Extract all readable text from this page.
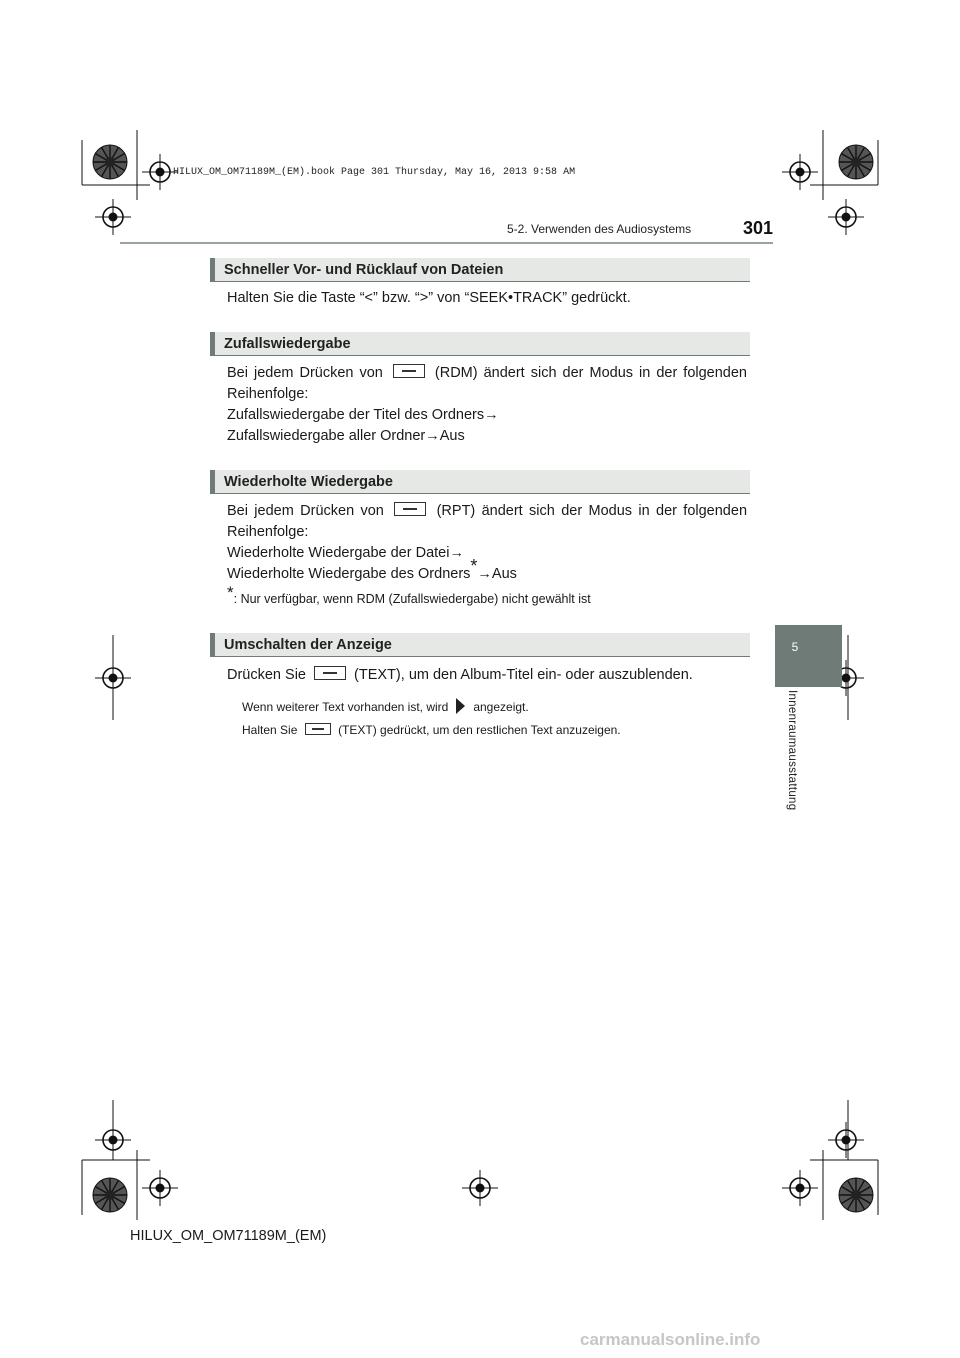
HILUX_OM_OM71189M_(EM).book Page 301 Thursday, May 16, 2013 9:58 AM
5-2. Verwenden des Audiosystems	301
5
Innenraumausstattung
Schneller Vor- und Rücklauf von Dateien
Halten Sie die Taste “<” bzw. “>” von “SEEK•TRACK” gedrückt.
Zufallswiedergabe
Bei jedem Drücken von	(RDM) ändert sich der Modus in der folgenden
Reihenfolge:
Zufallswiedergabe der Titel des Ordners→
Zufallswiedergabe aller Ordner→Aus
Wiederholte Wiedergabe
Bei jedem Drücken von	(RPT) ändert sich der Modus in der folgenden
Reihenfolge:
Wiederholte Wiedergabe der Datei→
Wiederholte Wiedergabe des Ordners*→Aus
*: Nur verfügbar, wenn RDM (Zufallswiedergabe) nicht gewählt ist
Umschalten der Anzeige
Drücken Sie	(TEXT), um den Album-Titel ein- oder auszublenden.
Wenn weiterer Text vorhanden ist, wird angezeigt.
Halten Sie	(TEXT) gedrückt, um den restlichen Text anzuzeigen.
HILUX_OM_OM71189M_(EM)
carmanualsonline.info
